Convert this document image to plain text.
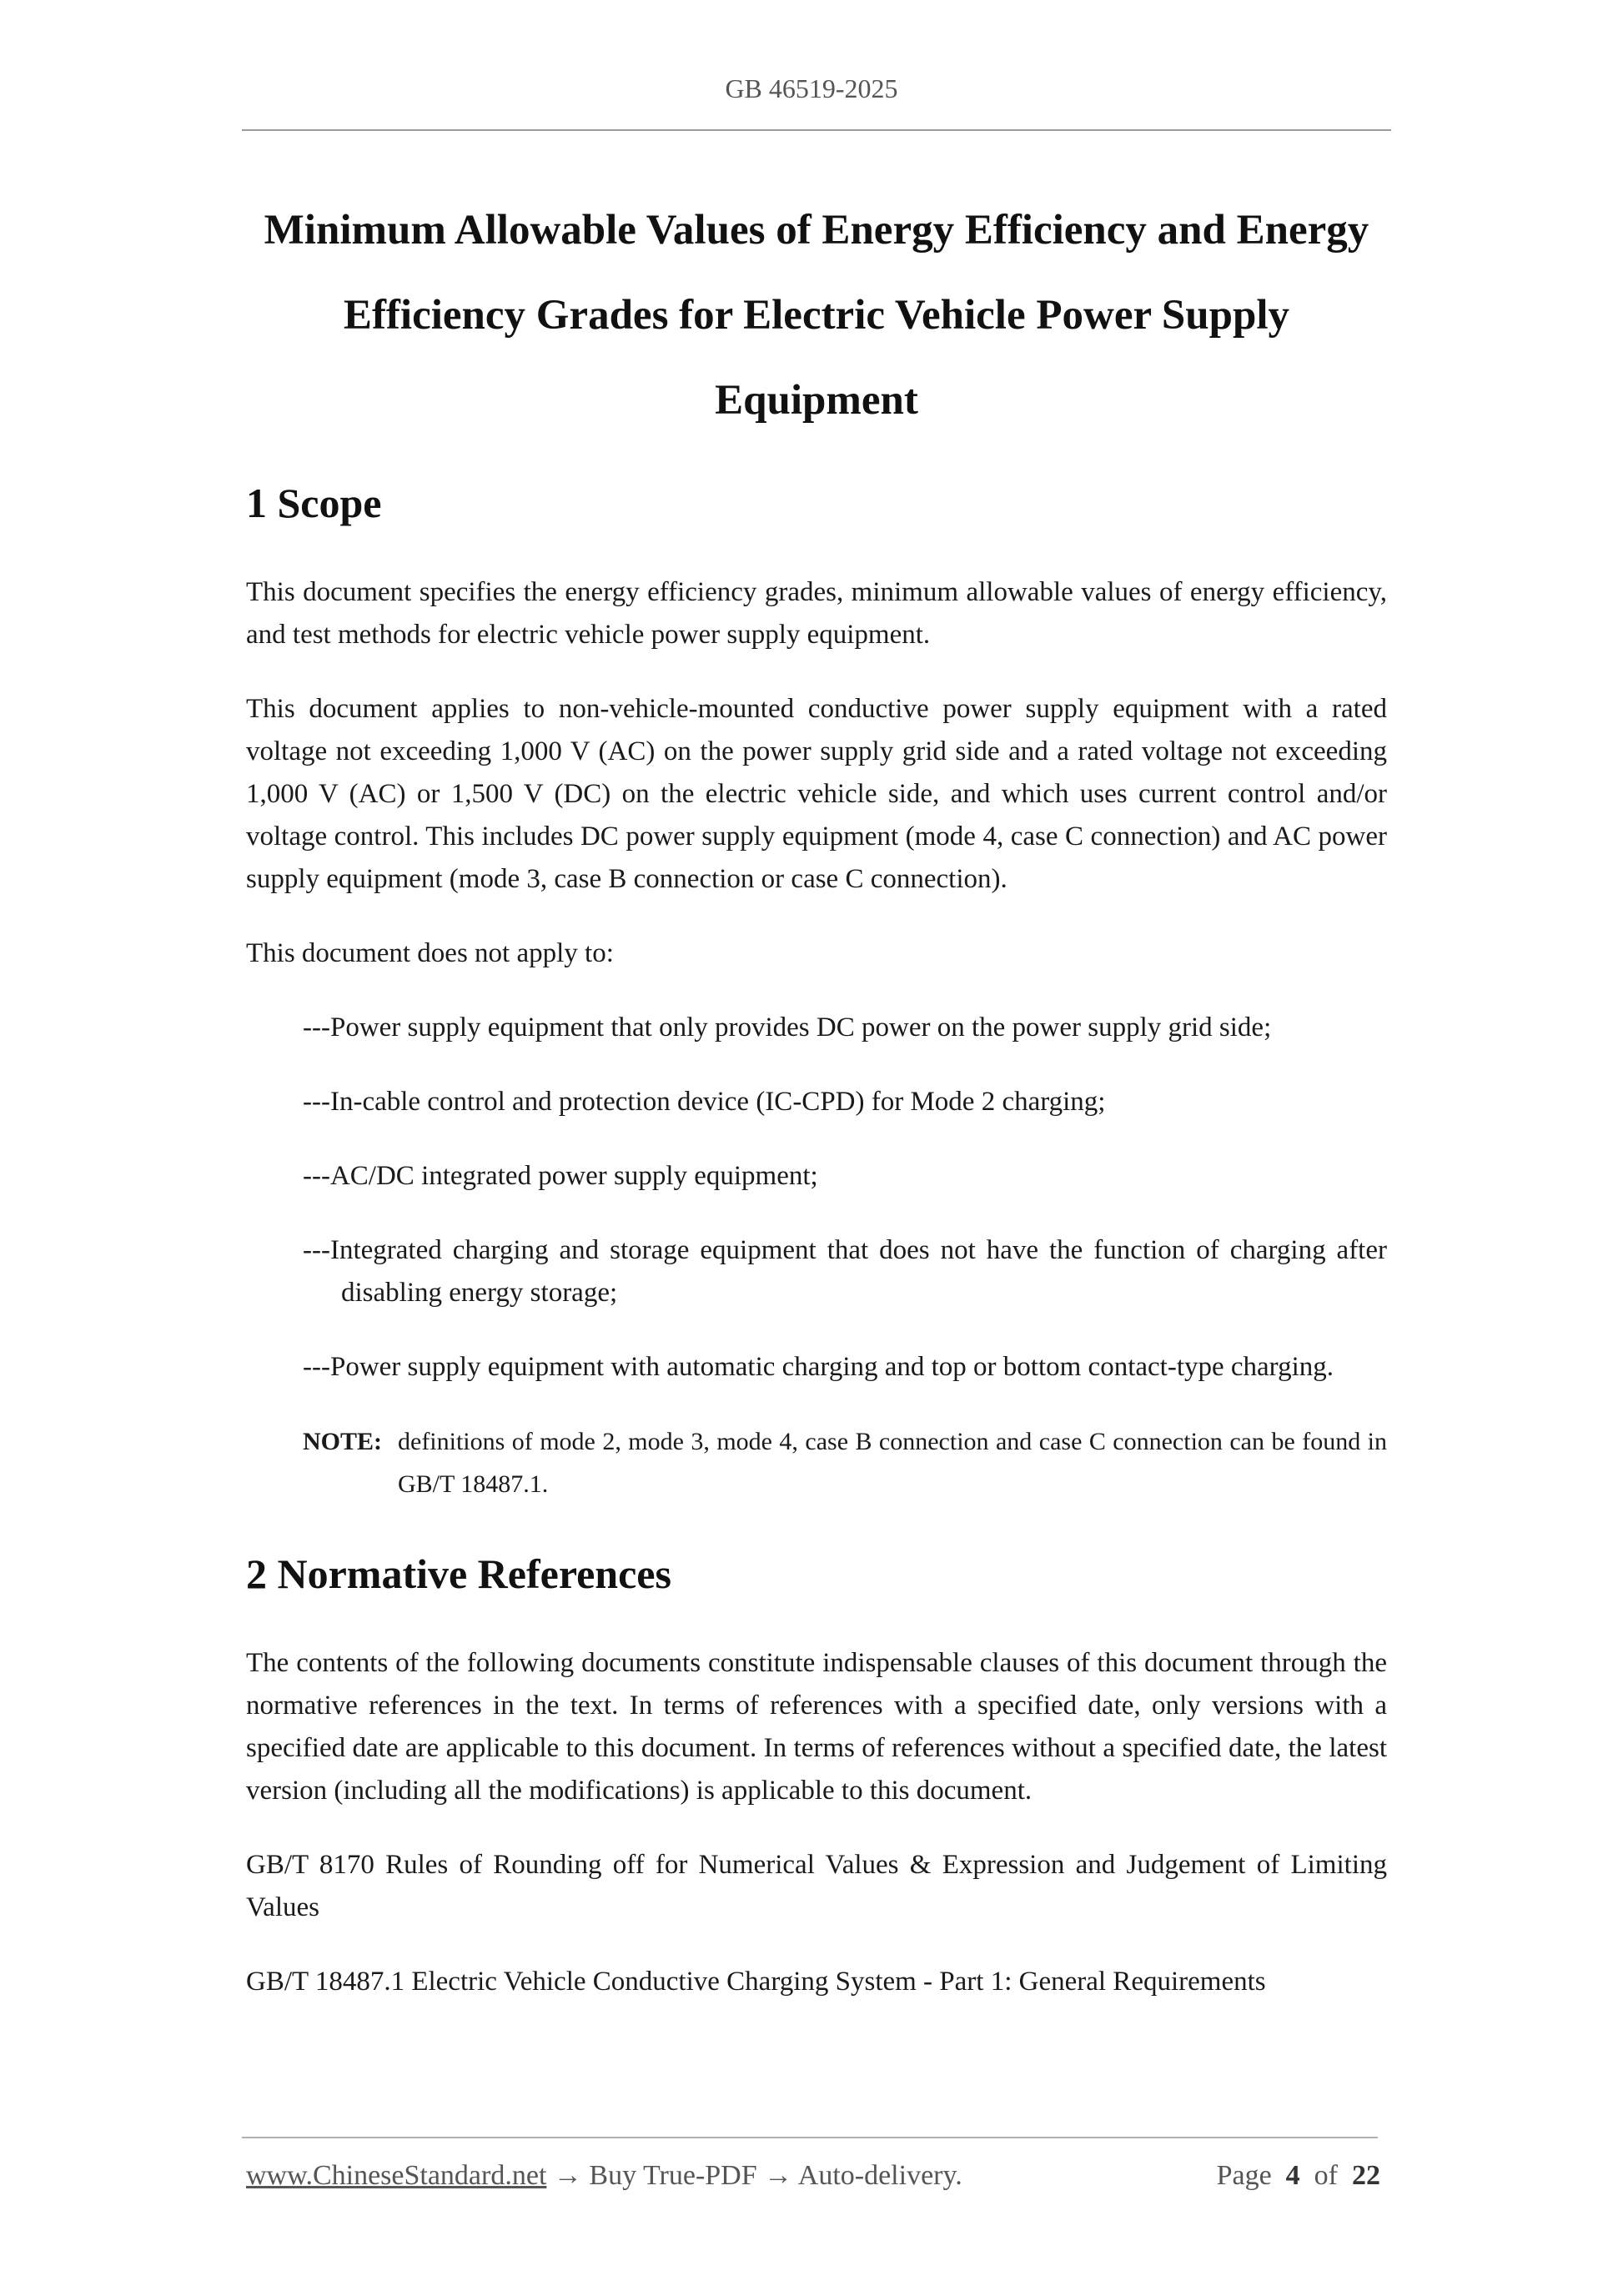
GB 46519-2025
Minimum Allowable Values of Energy Efficiency and Energy
Efficiency Grades for Electric Vehicle Power Supply
Equipment
1 Scope

This document specifies the energy efficiency grades, minimum allowable values of energy efficiency, and test methods for electric vehicle power supply equipment.

This document applies to non-vehicle-mounted conductive power supply equipment with a rated voltage not exceeding 1,000 V (AC) on the power supply grid side and a rated voltage not exceeding 1,000 V (AC) or 1,500 V (DC) on the electric vehicle side, and which uses current control and/or voltage control. This includes DC power supply equipment (mode 4, case C connection) and AC power supply equipment (mode 3, case B connection or case C connection).

This document does not apply to:

---Power supply equipment that only provides DC power on the power supply grid side;
---In-cable control and protection device (IC-CPD) for Mode 2 charging;
---AC/DC integrated power supply equipment;
---Integrated charging and storage equipment that does not have the function of charging after disabling energy storage;
---Power supply equipment with automatic charging and top or bottom contact-type charging.
NOTE: definitions of mode 2, mode 3, mode 4, case B connection and case C connection can be found in GB/T 18487.1.
2 Normative References

The contents of the following documents constitute indispensable clauses of this document through the normative references in the text. In terms of references with a specified date, only versions with a specified date are applicable to this document. In terms of references without a specified date, the latest version (including all the modifications) is applicable to this document.

GB/T 8170 Rules of Rounding off for Numerical Values & Expression and Judgement of Limiting Values

GB/T 18487.1 Electric Vehicle Conductive Charging System - Part 1: General Requirements

www.ChineseStandard.net → Buy True-PDF → Auto-delivery.	Page 4 of 22
